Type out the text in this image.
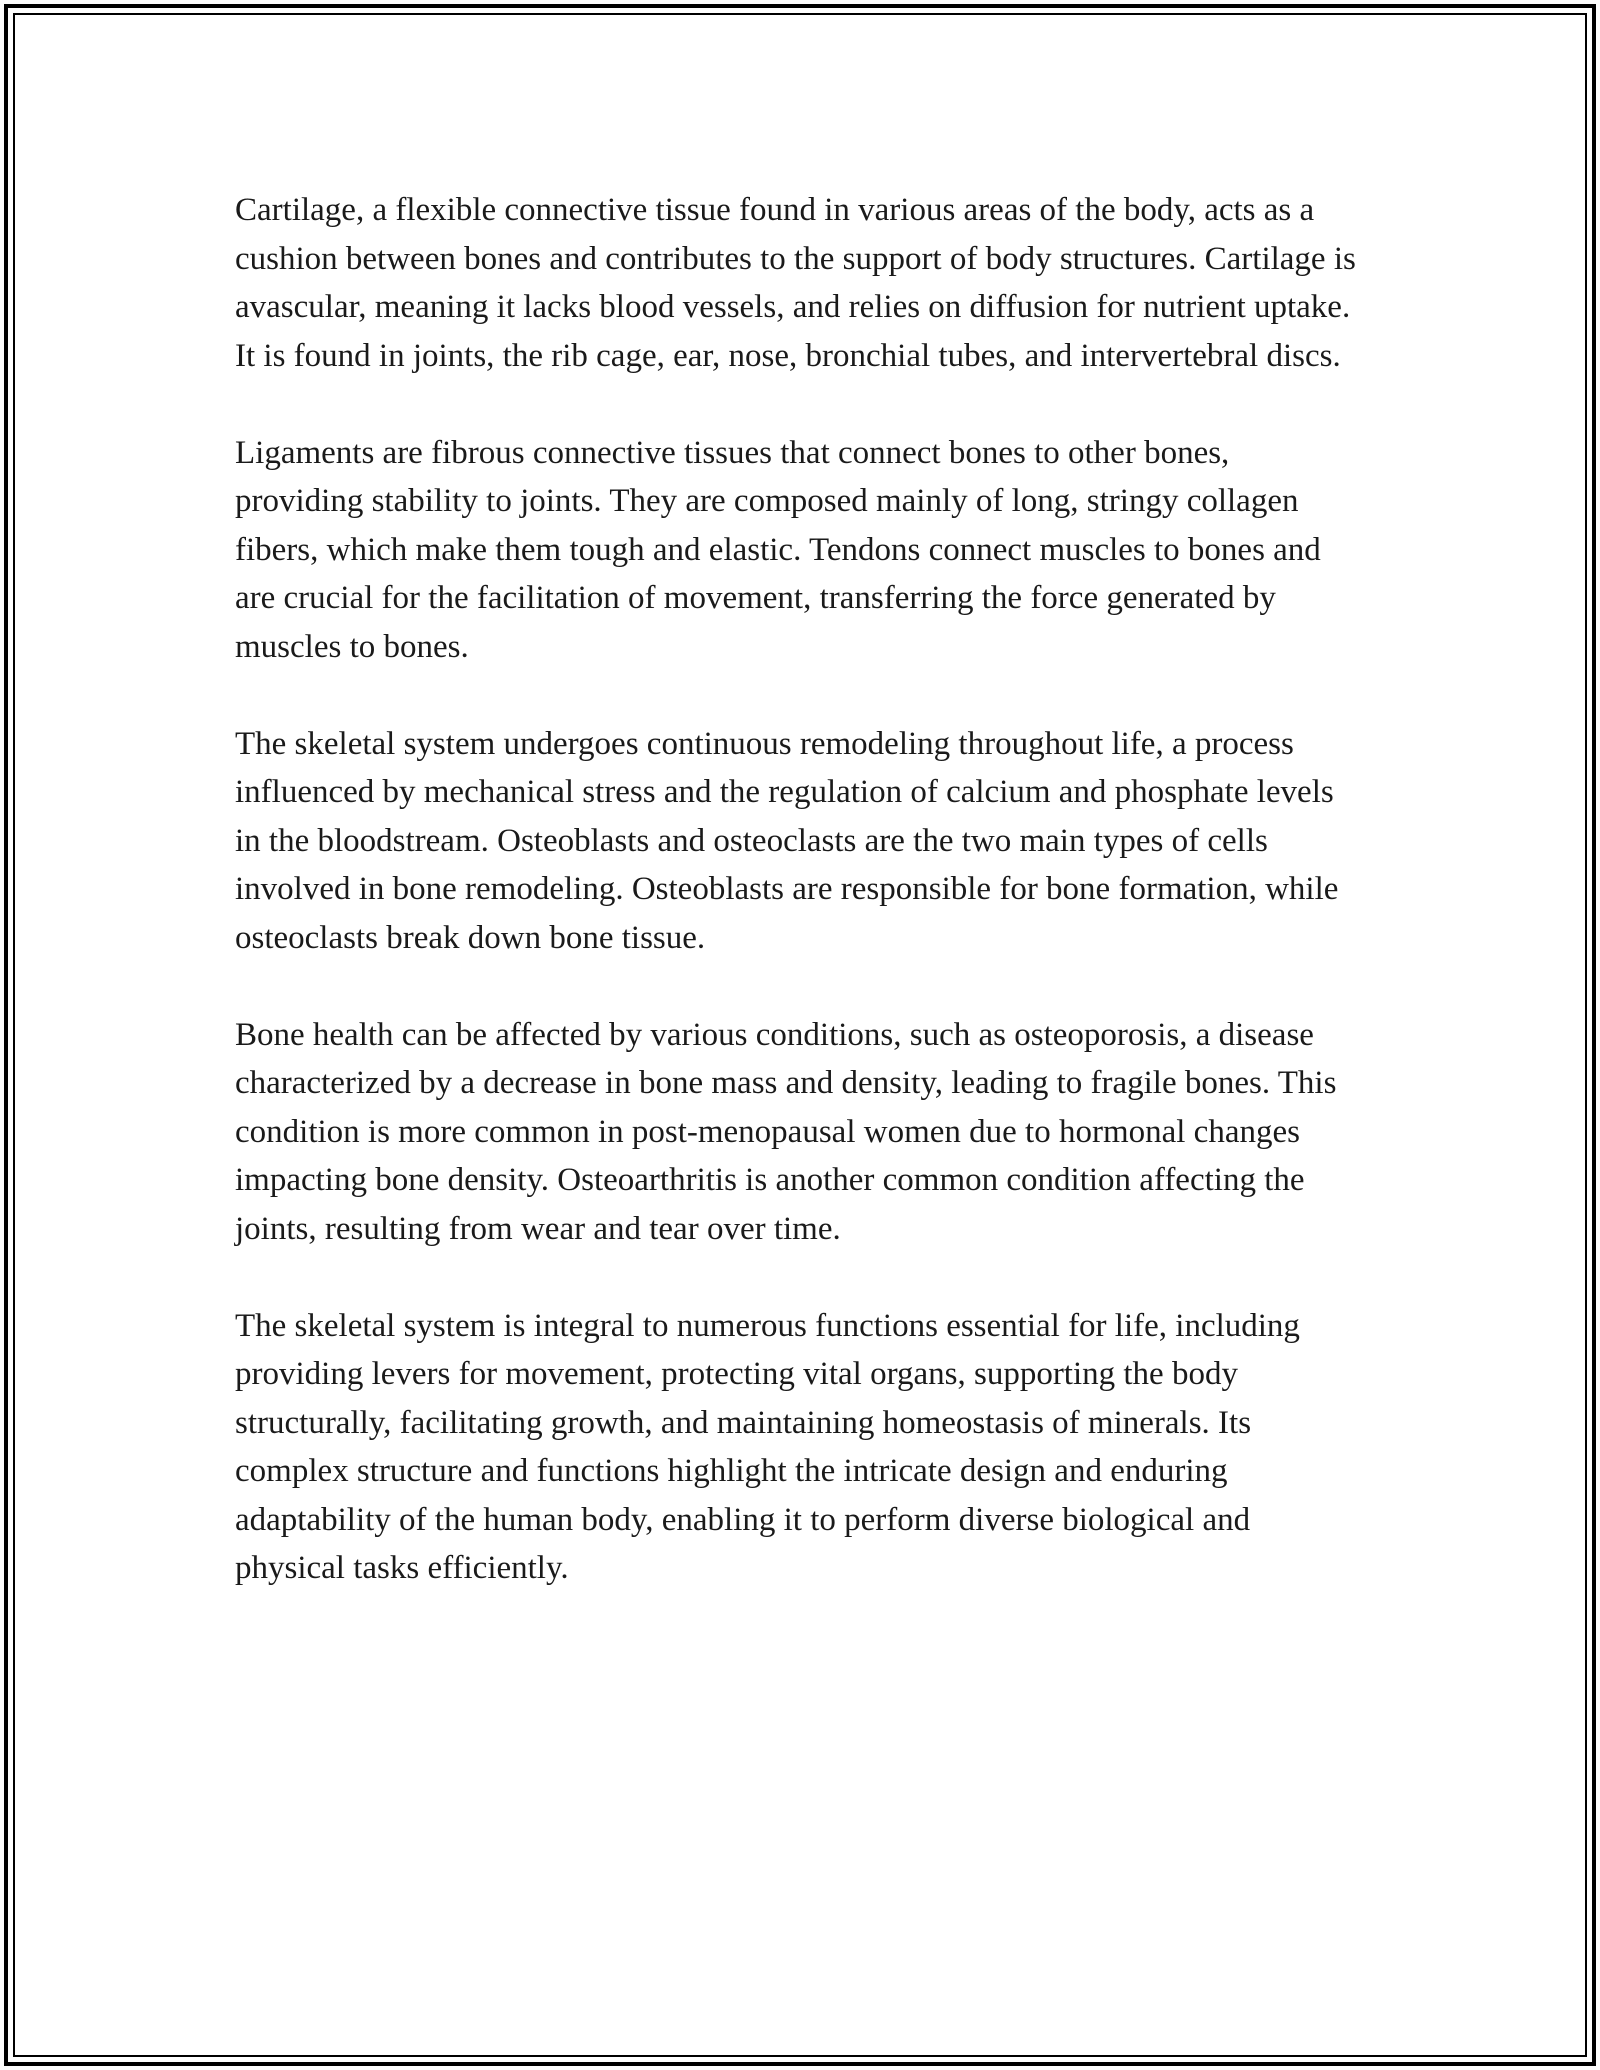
Cartilage, a flexible connective tissue found in various areas of the body, acts as a cushion between bones and contributes to the support of body structures. Cartilage is avascular, meaning it lacks blood vessels, and relies on diffusion for nutrient uptake. It is found in joints, the rib cage, ear, nose, bronchial tubes, and intervertebral discs.

Ligaments are fibrous connective tissues that connect bones to other bones, providing stability to joints. They are composed mainly of long, stringy collagen fibers, which make them tough and elastic. Tendons connect muscles to bones and are crucial for the facilitation of movement, transferring the force generated by muscles to bones.

The skeletal system undergoes continuous remodeling throughout life, a process influenced by mechanical stress and the regulation of calcium and phosphate levels in the bloodstream. Osteoblasts and osteoclasts are the two main types of cells involved in bone remodeling. Osteoblasts are responsible for bone formation, while osteoclasts break down bone tissue.

Bone health can be affected by various conditions, such as osteoporosis, a disease characterized by a decrease in bone mass and density, leading to fragile bones. This condition is more common in post-menopausal women due to hormonal changes impacting bone density. Osteoarthritis is another common condition affecting the joints, resulting from wear and tear over time.

The skeletal system is integral to numerous functions essential for life, including providing levers for movement, protecting vital organs, supporting the body structurally, facilitating growth, and maintaining homeostasis of minerals. Its complex structure and functions highlight the intricate design and enduring adaptability of the human body, enabling it to perform diverse biological and physical tasks efficiently.
